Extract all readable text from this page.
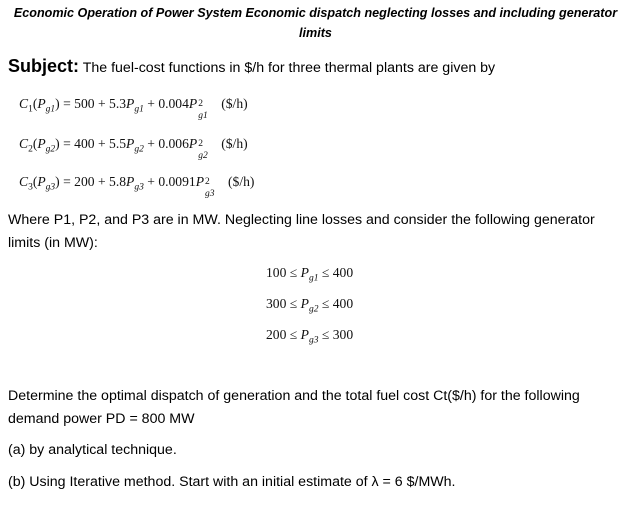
Economic Operation of Power System Economic dispatch neglecting losses and including generator limits
Subject: The fuel-cost functions in $/h for three thermal plants are given by
$C_1(P_{g1}) = 500 + 5.3P_{g1} + 0.004P$ 2
g1
($/h)
$C_2(P_{g2}) = 400 + 5.5P_{g2} + 0.006P$ 2
g2
($/h)
$C_3(P_{g3}) = 200 + 5.8P_{g3} + 0.0091P$ 2
g3
($/h)
Where P1, P2, and P3 are in MW. Neglecting line losses and consider the following generator limits (in MW):
$100 \le P_{g1} \le 400$
$300 \le P_{g2} \le 400$
$200 \le P_{g3} \le 300$
Determine the optimal dispatch of generation and the total fuel cost Ct($/h) for the following demand power PD = 800 MW
(a) by analytical technique.
(b) Using Iterative method. Start with an initial estimate of λ = 6 $/MWh.
